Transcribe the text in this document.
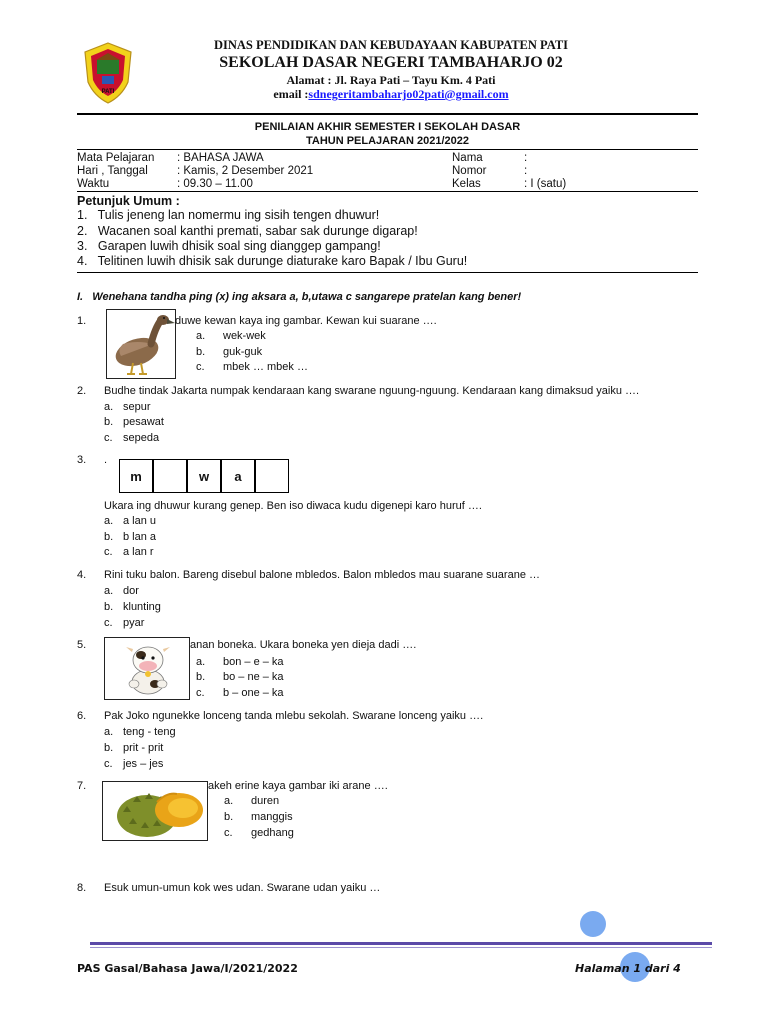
PATI
DINAS PENDIDIKAN DAN KEBUDAYAAN KABUPATEN PATI
SEKOLAH DASAR NEGERI TAMBAHARJO 02
Alamat : Jl. Raya Pati – Tayu Km. 4 Pati
email :sdnegeritambaharjo02pati@gmail.com
PENILAIAN AKHIR SEMESTER I SEKOLAH DASAR
TAHUN PELAJARAN 2021/2022
Mata Pelajaran : BAHASA JAWA
Hari , Tanggal	: Kamis, 2 Desember 2021
Waktu	: 09.30 – 11.00
Nama	:
Nomor	:
Kelas	: I (satu)
Petunjuk Umum :
1.   Tulis jeneng lan nomermu ing sisih tengen dhuwur!
2.   Wacanen soal kanthi premati, sabar sak durunge digarap!
3.   Garapen luwih dhisik soal sing dianggep gampang!
4.   Telitinen luwih dhisik sak durunge diaturake karo Bapak / Ibu Guru!
I.   Wenehana tandha ping (x) ing aksara a, b,utawa c sangarepe pratelan kang bener!
1.	duwe kewan kaya ing gambar. Kewan kui suarane ….
a. wek-wek
b. guk-guk
c. mbek … mbek …
2. Budhe tindak Jakarta numpak kendaraan kang swarane nguung-nguung. Kendaraan kang dimaksud yaiku ….
a. sepur
b. pesawat
c. sepeda
3. .
m	w	a
Ukara ing dhuwur kurang genep. Ben iso diwaca kudu digenepi karo huruf ….
a. a lan u
b. b lan a
c. a lan r
4. Rini tuku balon. Bareng disebul balone mbledos. Balon mbledos mau suarane suarane …
a. dor
b. klunting
c. pyar
5.	anan boneka. Ukara boneka yen dieja dadi ….
a. bon – e – ka
b. bo – ne – ka
c. b – one – ka
6. Pak Joko ngunekke lonceng tanda mlebu sekolah. Swarane lonceng yaiku ….
a. teng - teng
b. prit - prit
c. jes – jes
7.	akeh erine kaya gambar iki arane ….
a. duren
b. manggis
c. gedhang
8. Esuk umun-umun kok wes udan. Swarane udan yaiku …
PAS Gasal/Bahasa Jawa/I/2021/2022	Halaman 1 dari 4
